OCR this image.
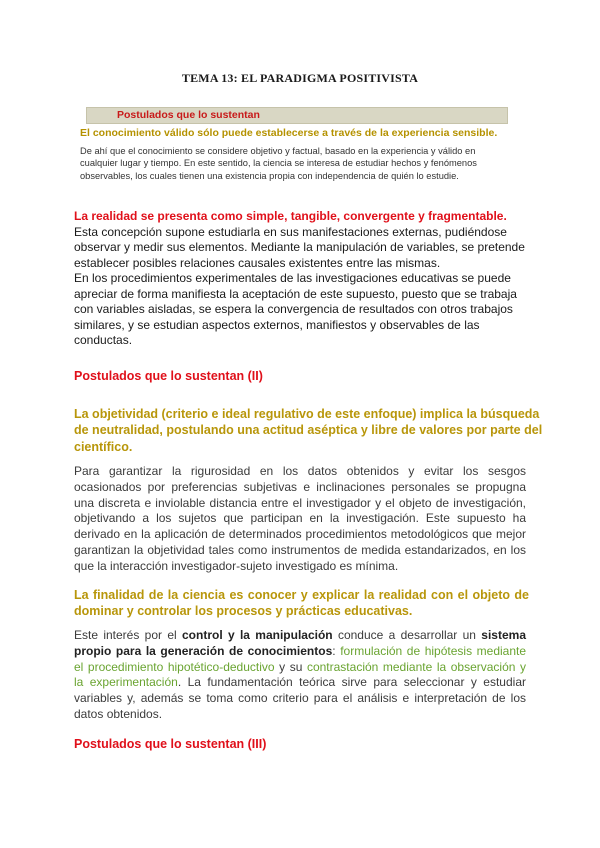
TEMA 13: EL PARADIGMA POSITIVISTA
Postulados que lo sustentan
El conocimiento válido sólo puede establecerse a través de la experiencia sensible.
De ahí que el conocimiento se considere objetivo y factual, basado en la experiencia y válido en
cualquier lugar y tiempo. En este sentido, la ciencia se interesa de estudiar hechos y fenómenos
observables, los cuales tienen una existencia propia con independencia de quién lo estudie.
La realidad se presenta como simple, tangible, convergente y fragmentable.
Esta concepción supone estudiarla en sus manifestaciones externas, pudiéndose
observar y medir sus elementos. Mediante la manipulación de variables, se pretende
establecer posibles relaciones causales existentes entre las mismas.
En los procedimientos experimentales de las investigaciones educativas se puede
apreciar de forma manifiesta la aceptación de este supuesto, puesto que se trabaja
con variables aisladas, se espera la convergencia de resultados con otros trabajos
similares, y se estudian aspectos externos, manifiestos y observables de las
conductas.
Postulados que lo sustentan (II)
La objetividad (criterio e ideal regulativo de este enfoque) implica la búsqueda
de neutralidad, postulando una actitud aséptica y libre de valores por parte del
científico.
Para garantizar la rigurosidad en los datos obtenidos y evitar los sesgos
ocasionados por preferencias subjetivas e inclinaciones personales se propugna
una discreta e inviolable distancia entre el investigador y el objeto de investigación,
objetivando a los sujetos que participan en la investigación. Este supuesto ha
derivado en la aplicación de determinados procedimientos metodológicos que mejor
garantizan la objetividad tales como instrumentos de medida estandarizados, en los
que la interacción investigador-sujeto investigado es mínima.
La finalidad de la ciencia es conocer y explicar la realidad con el objeto de
dominar y controlar los procesos y prácticas educativas.
Este interés por el control y la manipulación conduce a desarrollar un sistema
propio para la generación de conocimientos: formulación de hipótesis mediante
el procedimiento hipotético-deductivo y su contrastación mediante la observación y
la experimentación. La fundamentación teórica sirve para seleccionar y estudiar
variables y, además se toma como criterio para el análisis e interpretación de los
datos obtenidos.
Postulados que lo sustentan (III)
